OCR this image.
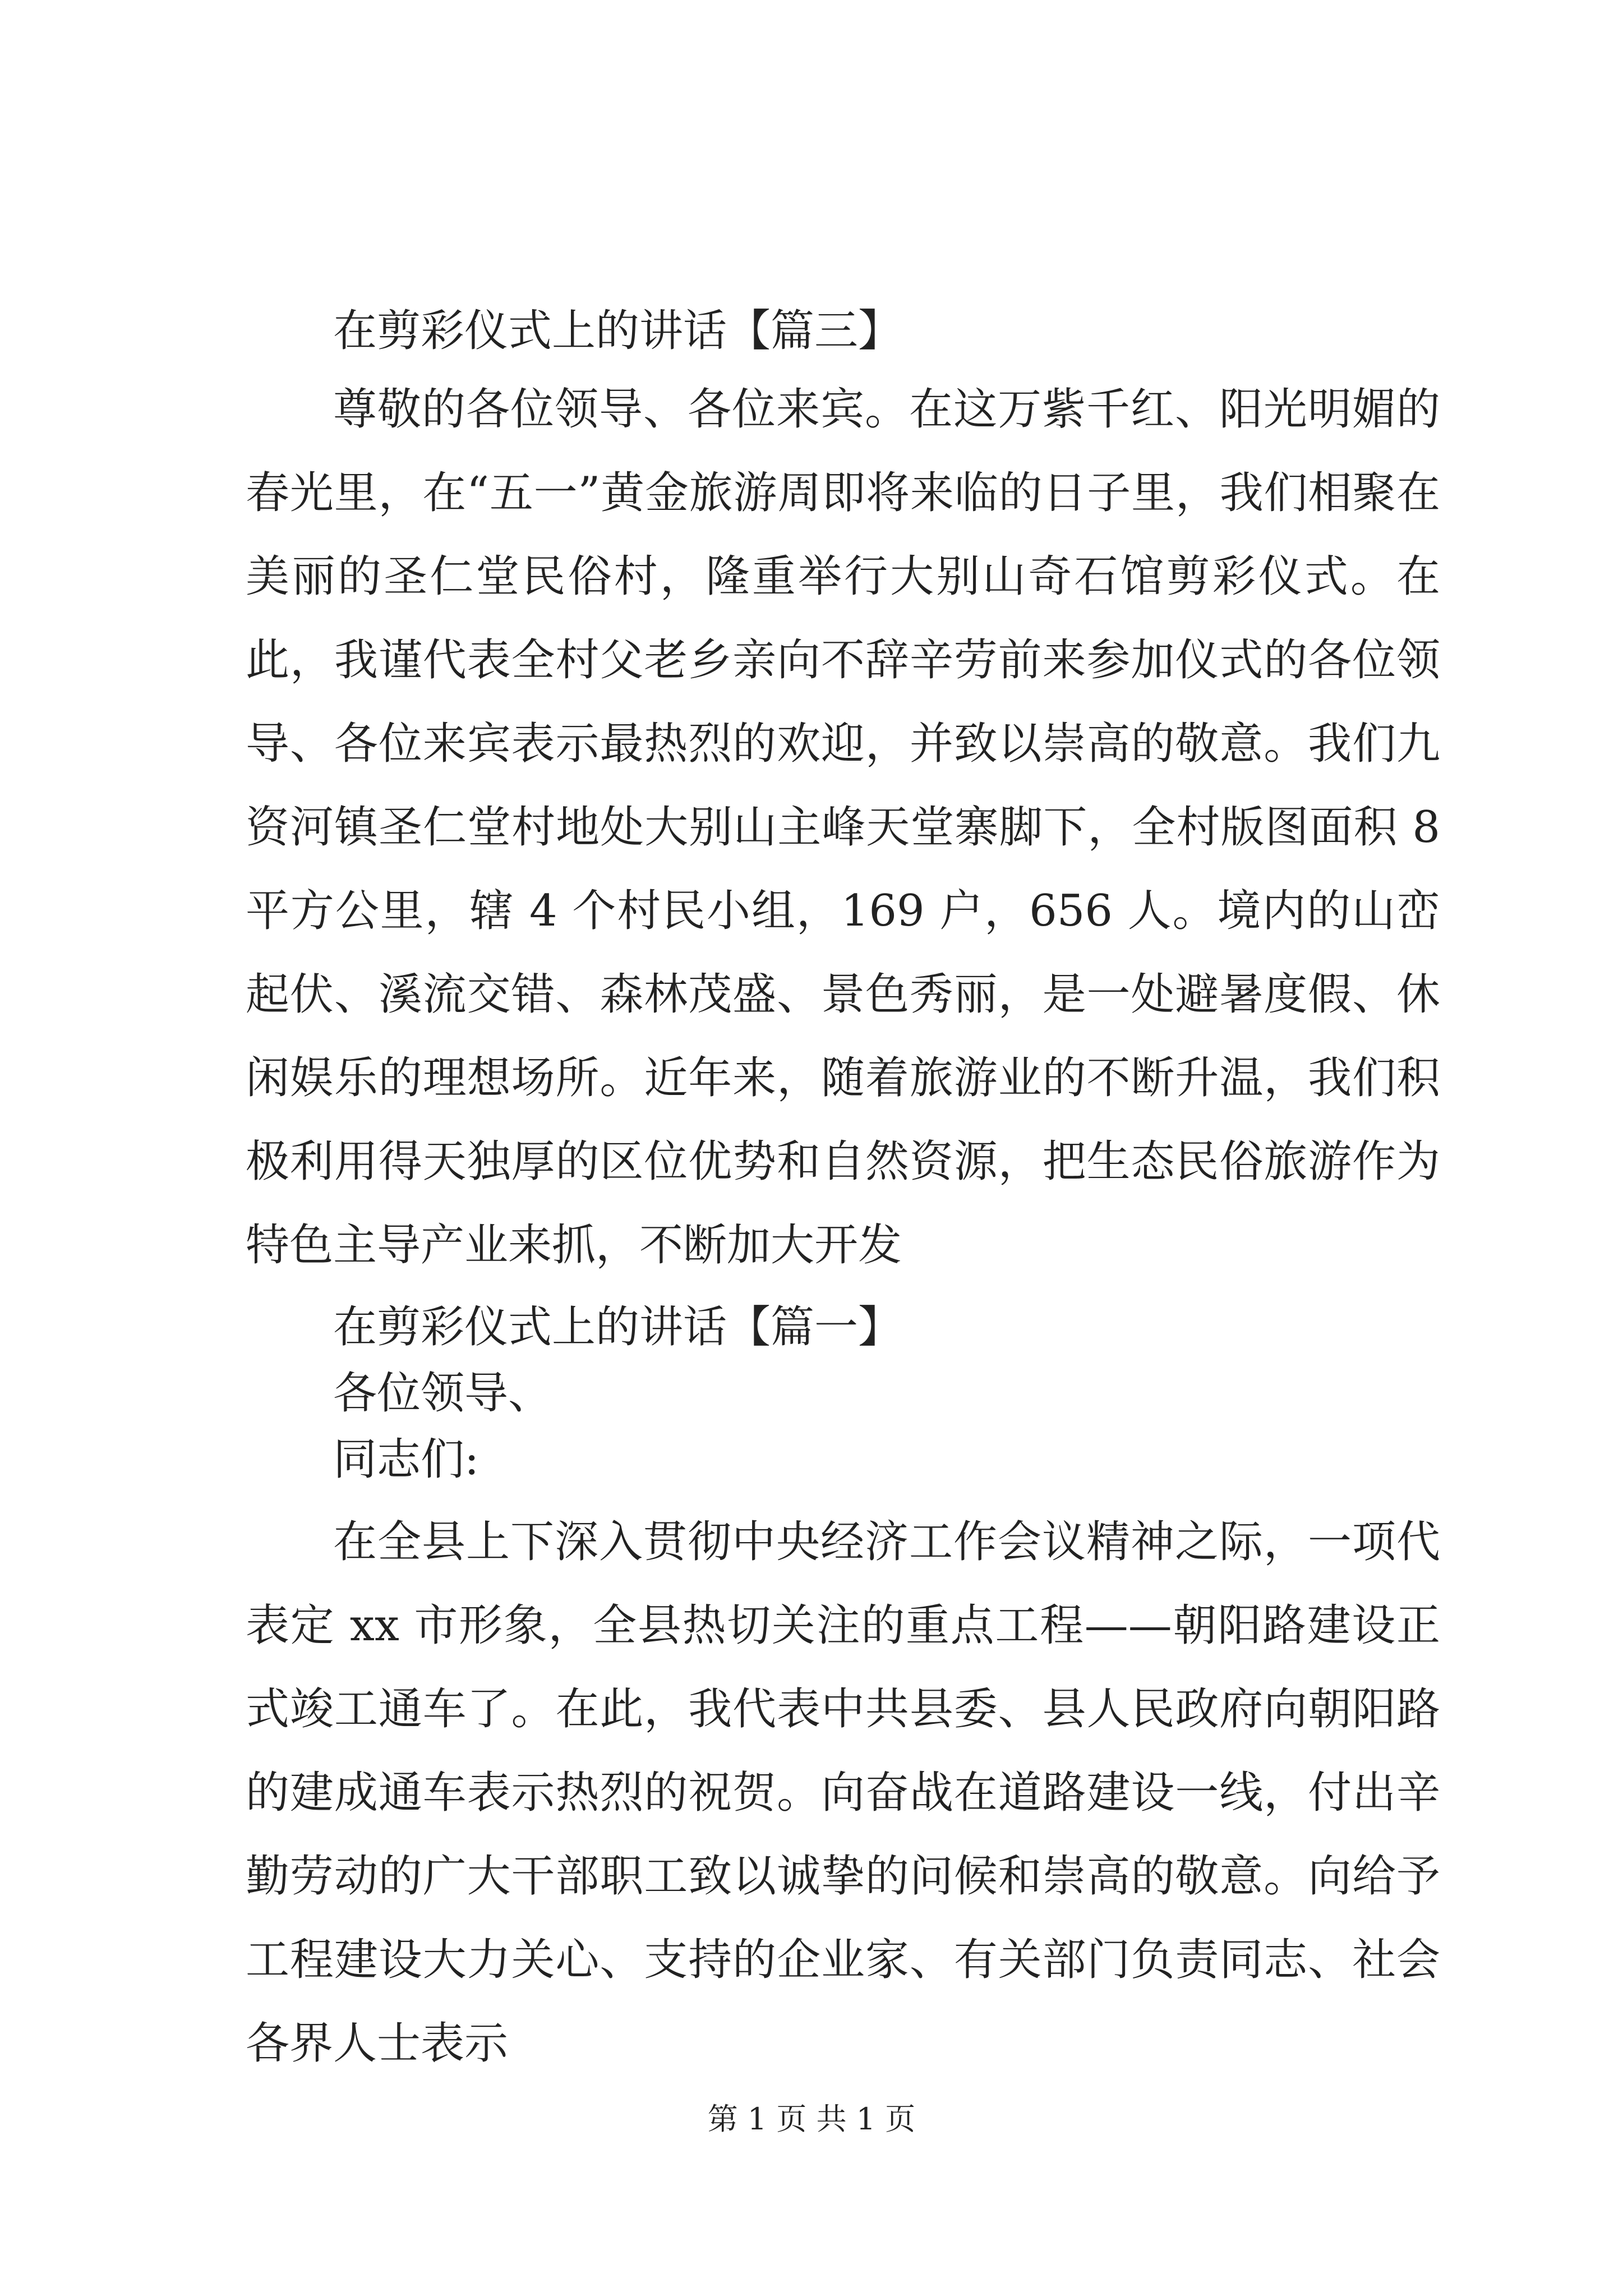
在剪彩仪式上的讲话【篇三】

尊敬的各位领导、各位来宾。在这万紫千红、阳光明媚的春光里，在“五一”黄金旅游周即将来临的日子里，我们相聚在美丽的圣仁堂民俗村，隆重举行大别山奇石馆剪彩仪式。在此，我谨代表全村父老乡亲向不辞辛劳前来参加仪式的各位领导、各位来宾表示最热烈的欢迎，并致以崇高的敬意。我们九资河镇圣仁堂村地处大别山主峰天堂寨脚下，全村版图面积 8 平方公里，辖 4 个村民小组，169 户，656 人。境内的山峦起伏、溪流交错、森林茂盛、景色秀丽，是一处避暑度假、休闲娱乐的理想场所。近年来，随着旅游业的不断升温，我们积极利用得天独厚的区位优势和自然资源，把生态民俗旅游作为特色主导产业来抓，不断加大开发

在剪彩仪式上的讲话【篇一】

各位领导、

同志们:

在全县上下深入贯彻中央经济工作会议精神之际，一项代表定 xx 市形象，全县热切关注的重点工程——朝阳路建设正式竣工通车了。在此，我代表中共县委、县人民政府向朝阳路的建成通车表示热烈的祝贺。向奋战在道路建设一线，付出辛勤劳动的广大干部职工致以诚挚的问候和崇高的敬意。向给予工程建设大力关心、支持的企业家、有关部门负责同志、社会各界人士表示

第 1 页 共 1 页
